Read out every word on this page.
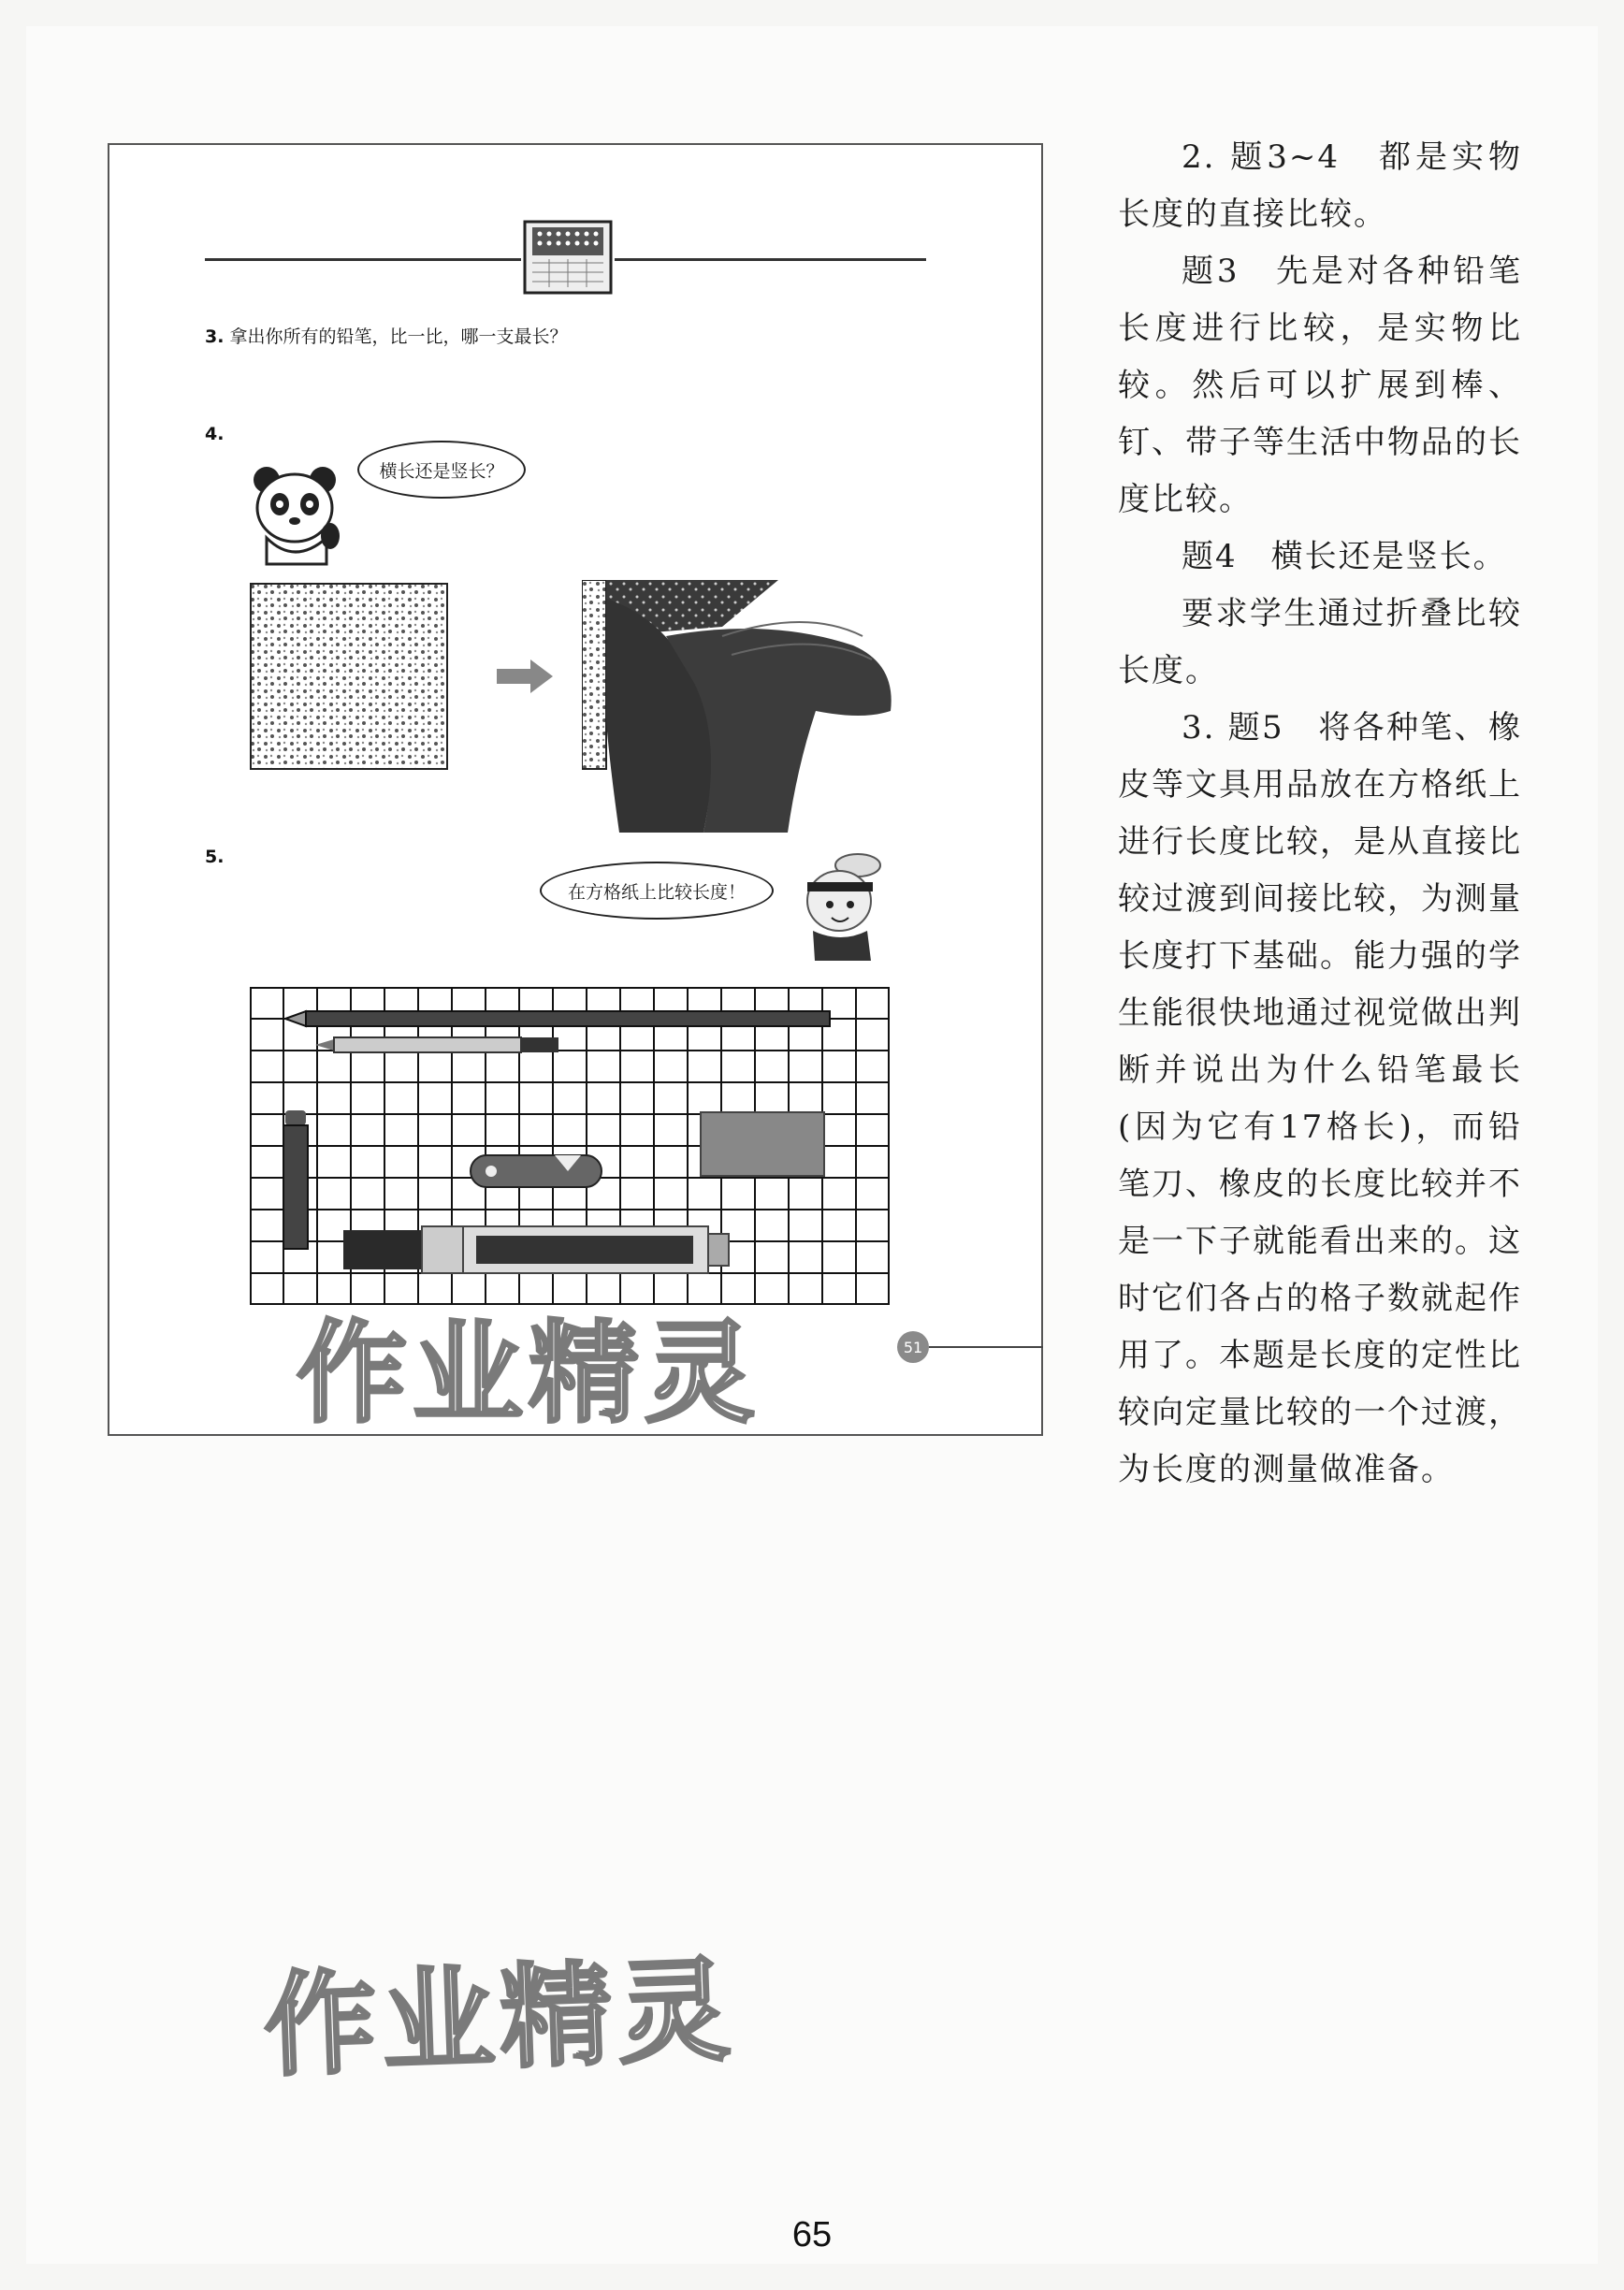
3. 拿出你所有的铅笔，比一比，哪一支最长？
4.
横长还是竖长？
5.
在方格纸上比较长度！
51
作业精灵

2. 题3~4　都是实物长度的直接比较。

题3　先是对各种铅笔长度进行比较，是实物比较。然后可以扩展到棒、钉、带子等生活中物品的长度比较。

题4　横长还是竖长。

要求学生通过折叠比较长度。

3. 题5　将各种笔、橡皮等文具用品放在方格纸上进行长度比较，是从直接比较过渡到间接比较，为测量长度打下基础。能力强的学生能很快地通过视觉做出判断并说出为什么铅笔最长(因为它有17格长)，而铅笔刀、橡皮的长度比较并不是一下子就能看出来的。这时它们各占的格子数就起作用了。本题是长度的定性比较向定量比较的一个过渡，为长度的测量做准备。

作业精灵
65
